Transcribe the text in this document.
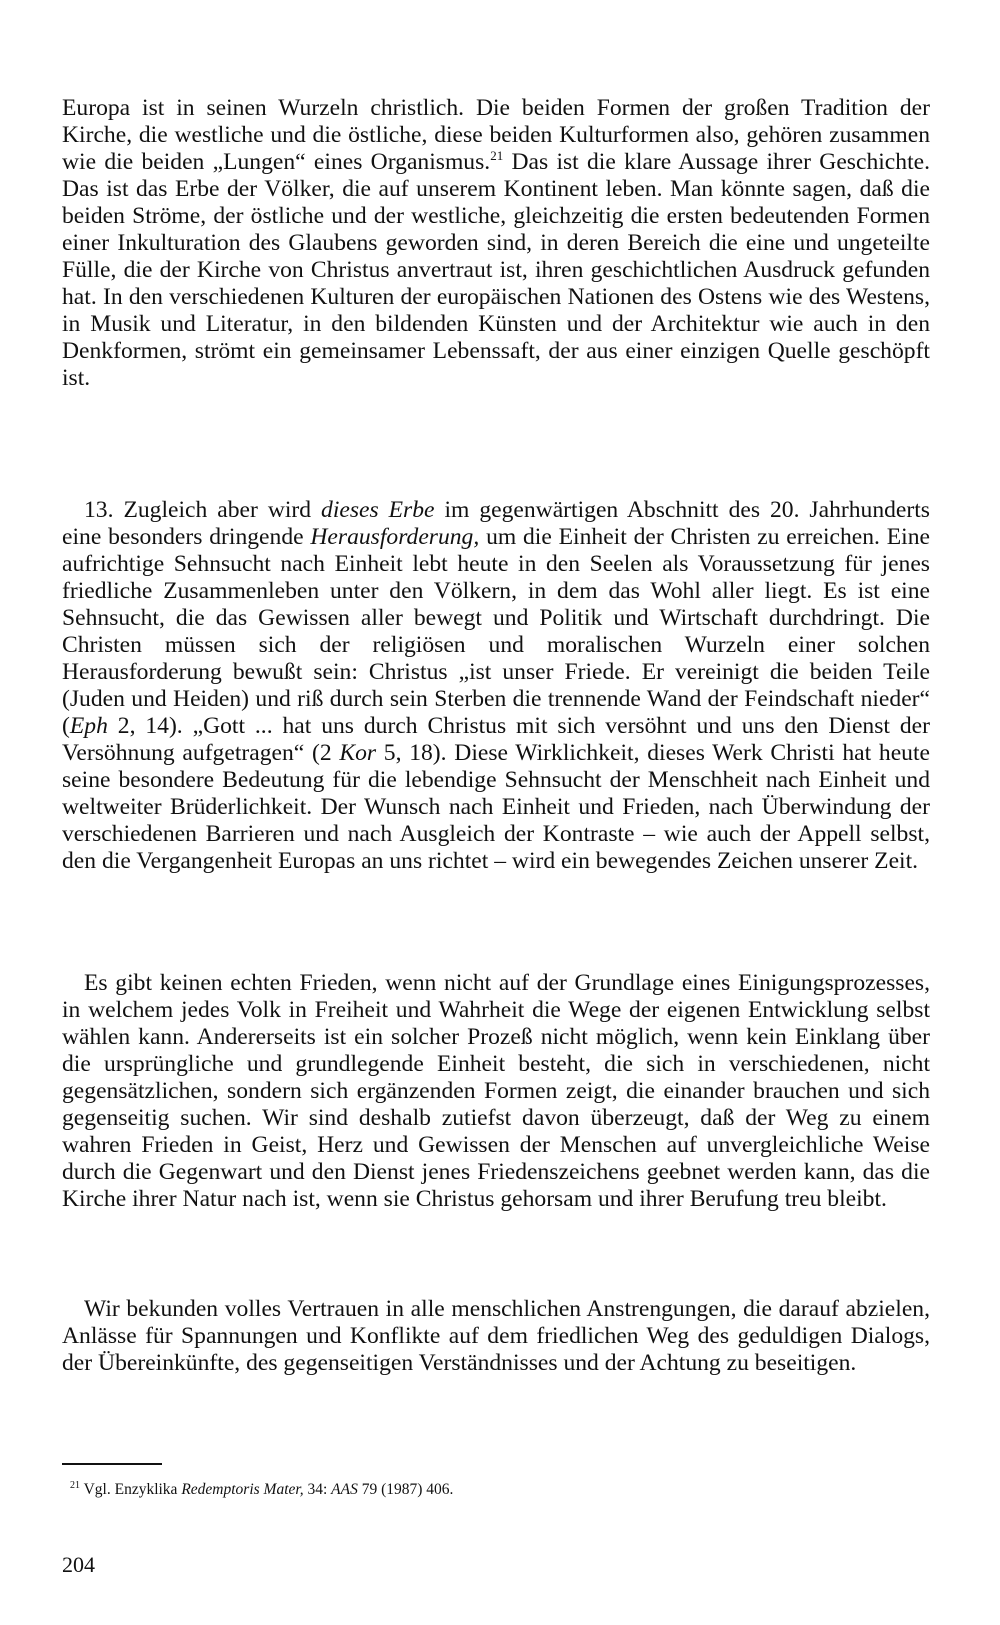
Europa ist in seinen Wurzeln christlich. Die beiden Formen der großen Tradition der Kirche, die westliche und die östliche, diese beiden Kulturformen also, gehören zusammen wie die beiden „Lungen“ eines Organismus.$^{21}$ Das ist die klare Aussage ihrer Geschichte. Das ist das Erbe der Völker, die auf unserem Kontinent leben. Man könnte sagen, daß die beiden Ströme, der östliche und der westliche, gleichzeitig die ersten bedeutenden Formen einer Inkulturation des Glaubens geworden sind, in deren Bereich die eine und ungeteilte Fülle, die der Kirche von Christus anvertraut ist, ihren geschichtlichen Ausdruck gefunden hat. In den verschiedenen Kulturen der europäischen Nationen des Ostens wie des Westens, in Musik und Literatur, in den bildenden Künsten und der Architektur wie auch in den Denkformen, strömt ein gemeinsamer Lebenssaft, der aus einer einzigen Quelle geschöpft ist.

13. Zugleich aber wird dieses Erbe im gegenwärtigen Abschnitt des 20. Jahrhunderts eine besonders dringende Herausforderung, um die Einheit der Christen zu erreichen. Eine aufrichtige Sehnsucht nach Einheit lebt heute in den Seelen als Voraussetzung für jenes friedliche Zusammenleben unter den Völkern, in dem das Wohl aller liegt. Es ist eine Sehnsucht, die das Gewissen aller bewegt und Politik und Wirtschaft durchdringt. Die Christen müssen sich der religiösen und moralischen Wurzeln einer solchen Herausforderung bewußt sein: Christus „ist unser Friede. Er vereinigt die beiden Teile (Juden und Heiden) und riß durch sein Sterben die trennende Wand der Feindschaft nieder“ (Eph 2, 14). „Gott ... hat uns durch Christus mit sich versöhnt und uns den Dienst der Versöhnung aufgetragen“ (2 Kor 5, 18). Diese Wirklichkeit, dieses Werk Christi hat heute seine besondere Bedeutung für die lebendige Sehnsucht der Menschheit nach Einheit und weltweiter Brüderlichkeit. Der Wunsch nach Einheit und Frieden, nach Überwindung der verschiedenen Barrieren und nach Ausgleich der Kontraste – wie auch der Appell selbst, den die Vergangenheit Europas an uns richtet – wird ein bewegendes Zeichen unserer Zeit.

Es gibt keinen echten Frieden, wenn nicht auf der Grundlage eines Einigungsprozesses, in welchem jedes Volk in Freiheit und Wahrheit die Wege der eigenen Entwicklung selbst wählen kann. Andererseits ist ein solcher Prozeß nicht möglich, wenn kein Einklang über die ursprüngliche und grundlegende Einheit besteht, die sich in verschiedenen, nicht gegensätzlichen, sondern sich ergänzenden Formen zeigt, die einander brauchen und sich gegenseitig suchen. Wir sind deshalb zutiefst davon überzeugt, daß der Weg zu einem wahren Frieden in Geist, Herz und Gewissen der Menschen auf unvergleichliche Weise durch die Gegenwart und den Dienst jenes Friedenszeichens geebnet werden kann, das die Kirche ihrer Natur nach ist, wenn sie Christus gehorsam und ihrer Berufung treu bleibt.

Wir bekunden volles Vertrauen in alle menschlichen Anstrengungen, die darauf abzielen, Anlässe für Spannungen und Konflikte auf dem friedlichen Weg des geduldigen Dialogs, der Übereinkünfte, des gegenseitigen Verständnisses und der Achtung zu beseitigen.

$^{21}$ Vgl. Enzyklika Redemptoris Mater, 34: AAS 79 (1987) 406.
204
